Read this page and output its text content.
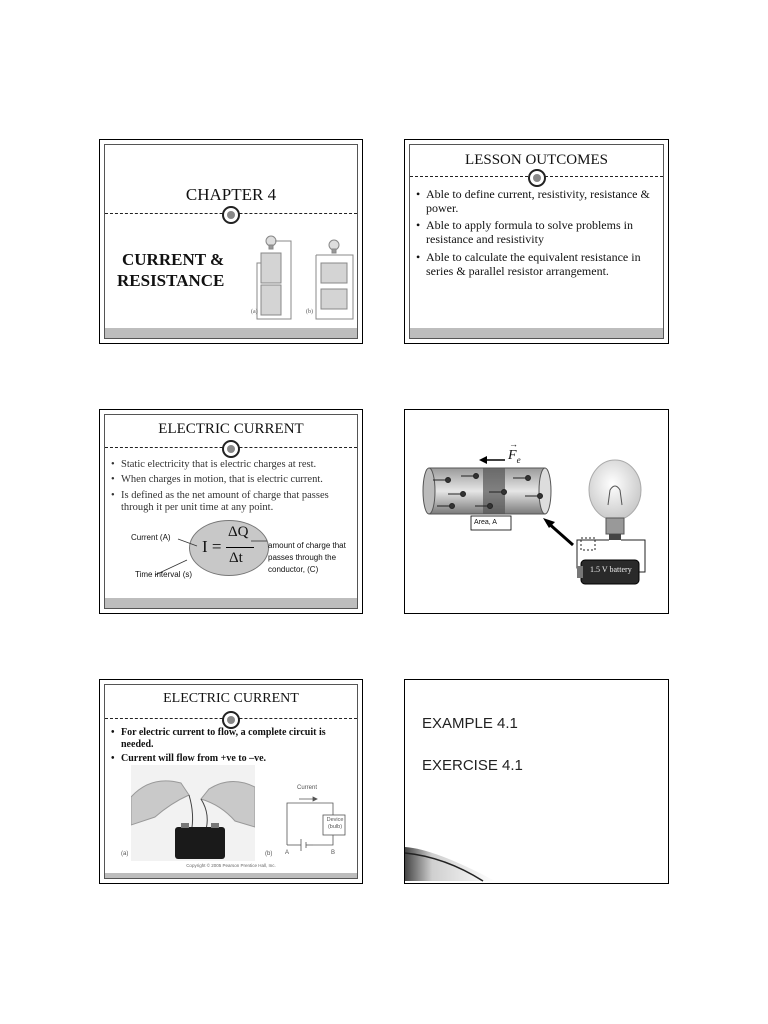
CHAPTER 4
CURRENT &
RESISTANCE
(a)	(b)
LESSON OUTCOMES
• Able to define current, resistivity, resistance & power.
• Able to apply formula to solve problems in resistance and resistivity
• Able to calculate the equivalent resistance in series & parallel resistor arrangement.
ELECTRIC CURRENT
• Static electricity that is electric charges at rest.
• When charges in motion, that is electric current.
• Is defined as the net amount of charge that passes through it per unit time at any point.
I =
ΔQ
Δt
Current (A)
Time interval (s)
amount of charge that passes through the conductor, (C)
→
$F_e$
Area, A
1.5 V battery
ELECTRIC CURRENT
• For electric current to flow, a complete circuit is needed.
• Current will flow from +ve to –ve.
Current
Device
(bulb)
A	B
(a)	(b)
Copyright © 2005 Pearson Prentice Hall, Inc.
EXAMPLE 4.1
EXERCISE 4.1
